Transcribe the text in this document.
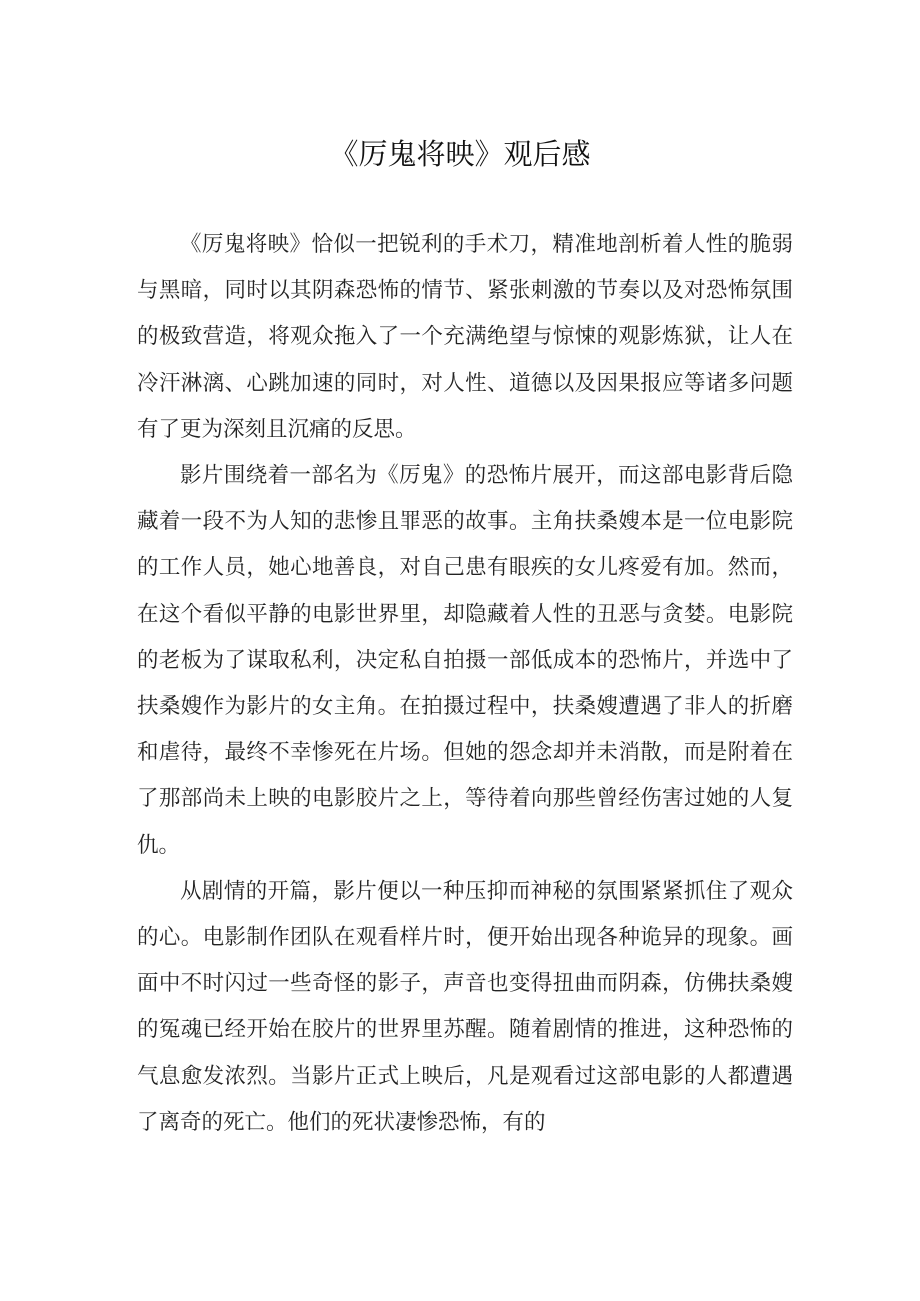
《厉鬼将映》观后感

《厉鬼将映》恰似一把锐利的手术刀，精准地剖析着人性的脆弱与黑暗，同时以其阴森恐怖的情节、紧张刺激的节奏以及对恐怖氛围的极致营造，将观众拖入了一个充满绝望与惊悚的观影炼狱，让人在冷汗淋漓、心跳加速的同时，对人性、道德以及因果报应等诸多问题有了更为深刻且沉痛的反思。

影片围绕着一部名为《厉鬼》的恐怖片展开，而这部电影背后隐藏着一段不为人知的悲惨且罪恶的故事。主角扶桑嫂本是一位电影院的工作人员，她心地善良，对自己患有眼疾的女儿疼爱有加。然而，在这个看似平静的电影世界里，却隐藏着人性的丑恶与贪婪。电影院的老板为了谋取私利，决定私自拍摄一部低成本的恐怖片，并选中了扶桑嫂作为影片的女主角。在拍摄过程中，扶桑嫂遭遇了非人的折磨和虐待，最终不幸惨死在片场。但她的怨念却并未消散，而是附着在了那部尚未上映的电影胶片之上，等待着向那些曾经伤害过她的人复仇。

从剧情的开篇，影片便以一种压抑而神秘的氛围紧紧抓住了观众的心。电影制作团队在观看样片时，便开始出现各种诡异的现象。画面中不时闪过一些奇怪的影子，声音也变得扭曲而阴森，仿佛扶桑嫂的冤魂已经开始在胶片的世界里苏醒。随着剧情的推进，这种恐怖的气息愈发浓烈。当影片正式上映后，凡是观看过这部电影的人都遭遇了离奇的死亡。他们的死状凄惨恐怖，有的
